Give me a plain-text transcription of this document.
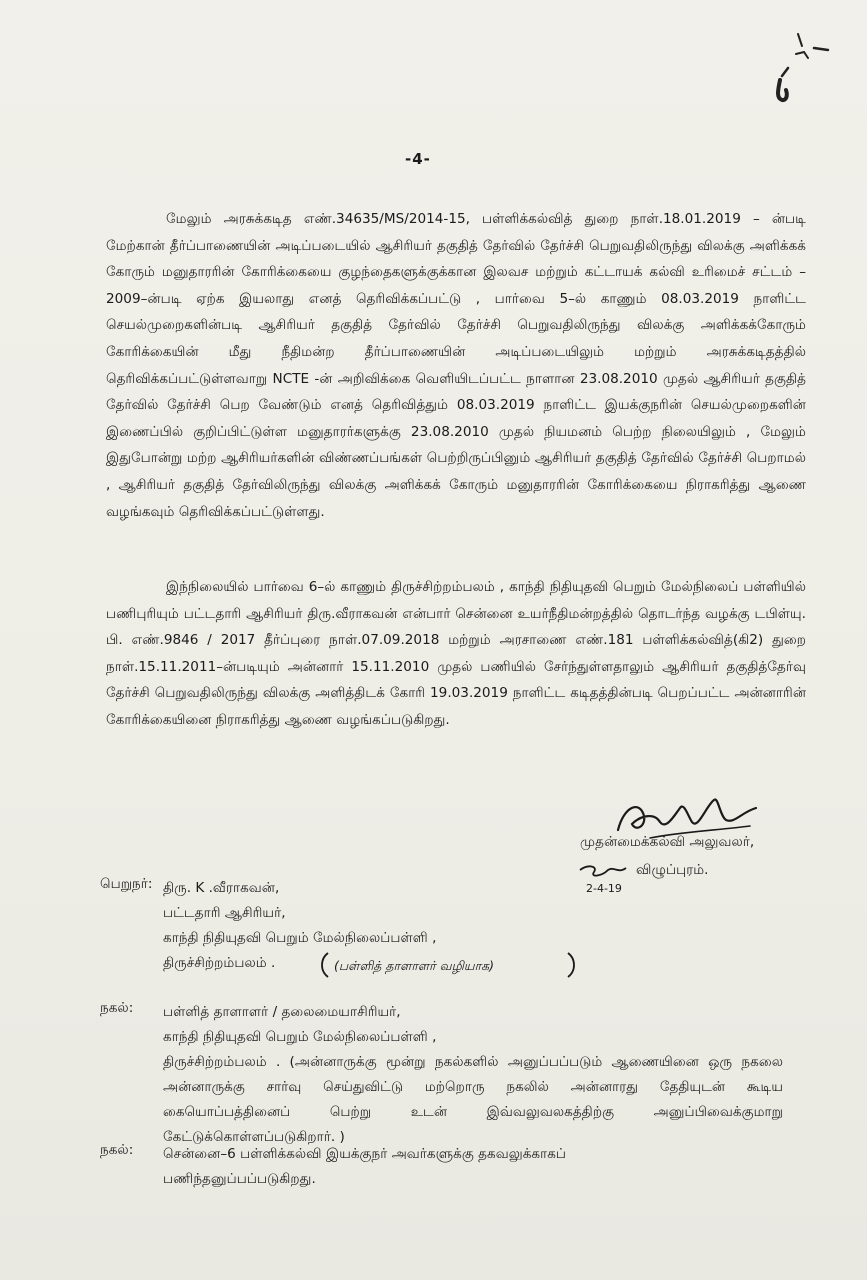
-4-

மேலும் அரசுக்கடித எண்.34635/MS/2014-15, பள்ளிக்கல்வித் துறை நாள்.18.01.2019 – ன்படி மேற்கான் தீர்ப்பாணையின் அடிப்படையில் ஆசிரியர் தகுதித் தேர்வில் தேர்ச்சி பெறுவதிலிருந்து விலக்கு அளிக்கக் கோரும் மனுதாரரின் கோரிக்கையை குழந்தைகளுக்குக்கான இலவச மற்றும் கட்டாயக் கல்வி உரிமைச் சட்டம் –2009–ன்படி ஏற்க இயலாது எனத் தெரிவிக்கப்பட்டு , பார்வை 5–ல் காணும் 08.03.2019 நாளிட்ட செயல்முறைகளின்படி ஆசிரியர் தகுதித் தேர்வில் தேர்ச்சி பெறுவதிலிருந்து விலக்கு அளிக்கக்கோரும் கோரிக்கையின் மீது நீதிமன்ற தீர்ப்பாணையின் அடிப்படையிலும் மற்றும் அரசுக்கடிதத்தில் தெரிவிக்கப்பட்டுள்ளவாறு NCTE -ன் அறிவிக்கை வெளியிடப்பட்ட நாளான 23.08.2010 முதல் ஆசிரியர் தகுதித் தேர்வில் தேர்ச்சி பெற வேண்டும் எனத் தெரிவித்தும் 08.03.2019 நாளிட்ட இயக்குநரின் செயல்முறைகளின் இணைப்பில் குறிப்பிட்டுள்ள மனுதாரர்களுக்கு 23.08.2010 முதல் நியமனம் பெற்ற நிலையிலும் , மேலும் இதுபோன்று மற்ற ஆசிரியர்களின் விண்ணப்பங்கள் பெற்றிருப்பினும் ஆசிரியர் தகுதித் தேர்வில் தேர்ச்சி பெறாமல் , ஆசிரியர் தகுதித் தேர்விலிருந்து விலக்கு அளிக்கக் கோரும் மனுதாரரின் கோரிக்கையை நிராகரித்து ஆணை வழங்கவும் தெரிவிக்கப்பட்டுள்ளது.

இந்நிலையில் பார்வை 6–ல் காணும் திருச்சிற்றம்பலம் , காந்தி நிதியுதவி பெறும் மேல்நிலைப் பள்ளியில் பணிபுரியும் பட்டதாரி ஆசிரியர் திரு.வீராகவன் என்பார் சென்னை உயர்நீதிமன்றத்தில் தொடர்ந்த வழக்கு டபிள்யு. பி. எண்.9846 / 2017 தீர்ப்புரை நாள்.07.09.2018 மற்றும் அரசாணை எண்.181 பள்ளிக்கல்வித்(கி2) துறை நாள்.15.11.2011–ன்படியும் அன்னார் 15.11.2010 முதல் பணியில் சேர்ந்துள்ளதாலும் ஆசிரியர் தகுதித்தேர்வு தேர்ச்சி பெறுவதிலிருந்து விலக்கு அளித்திடக் கோரி 19.03.2019 நாளிட்ட கடிதத்தின்படி பெறப்பட்ட அன்னாரின் கோரிக்கையினை நிராகரித்து ஆணை வழங்கப்படுகிறது.

முதன்மைக்கல்வி அலுவலர்,
2-4-19
விழுப்புரம்.
பெறுநர்: திரு. K .வீராகவன்,
பட்டதாரி ஆசிரியர்,
காந்தி நிதியுதவி பெறும் மேல்நிலைப்பள்ளி ,
திருச்சிற்றம்பலம் .	(பள்ளித் தாளாளர் வழியாக)
நகல்: பள்ளித் தாளாளர் / தலைமையாசிரியர்,
காந்தி நிதியுதவி பெறும் மேல்நிலைப்பள்ளி ,
திருச்சிற்றம்பலம் . (அன்னாருக்கு மூன்று நகல்களில் அனுப்பப்படும் ஆணையினை ஒரு நகலை அன்னாருக்கு சார்வு செய்துவிட்டு மற்றொரு நகலில் அன்னாரது தேதியுடன் கூடிய கையொப்பத்தினைப் பெற்று உடன் இவ்வலுவலகத்திற்கு அனுப்பிவைக்குமாறு கேட்டுக்கொள்ளப்படுகிறார். )
நகல்: சென்னை–6 பள்ளிக்கல்வி இயக்குநர் அவர்களுக்கு தகவலுக்காகப்
பணிந்தனுப்பப்படுகிறது.
